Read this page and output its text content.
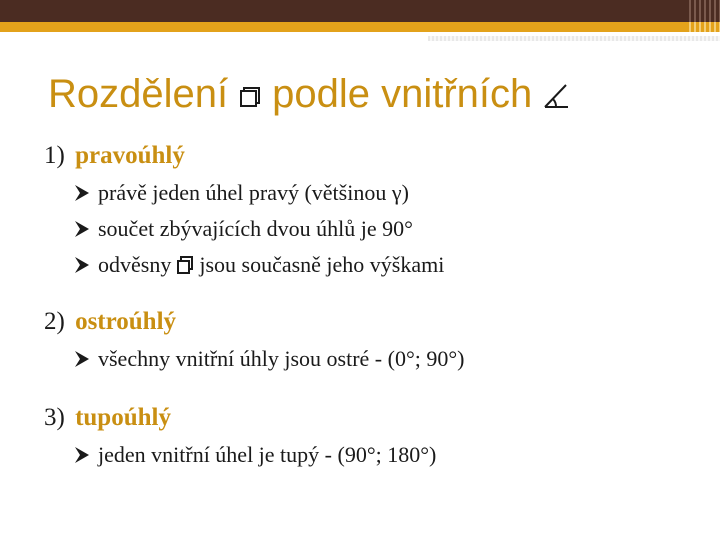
Rozdělení podle vnitřních
1) pravoúhlý
právě jeden úhel pravý (většinou γ)
součet zbývajících dvou úhlů je 90°
odvěsny jsou současně jeho výškami
2) ostroúhlý
všechny vnitřní úhly jsou ostré - (0°; 90°)
3) tupoúhlý
jeden vnitřní úhel je tupý - (90°; 180°)
